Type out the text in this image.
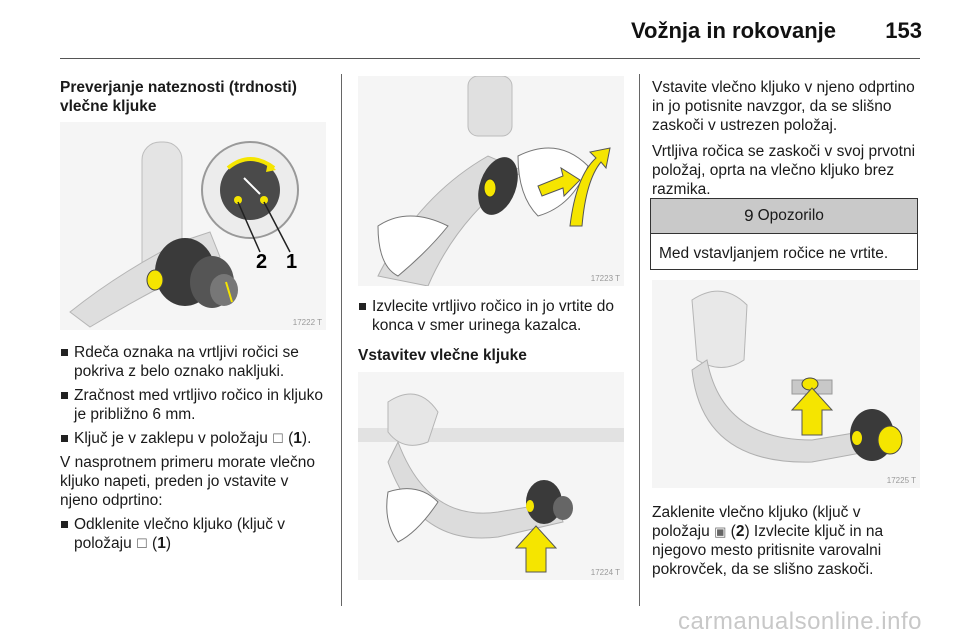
Vožnja in rokovanje 153

Preverjanje nateznosti (trdnosti) vlečne kljuke

2 1
17222 T

Rdeča oznaka na vrtljivi ročici se pokriva z belo oznako nakljuki.

Zračnost med vrtljivo ročico in kljuko je približno 6 mm.

Ključ je v zaklepu v položaju ☐ (1).

V nasprotnem primeru morate vlečno kljuko napeti, preden jo vstavite v njeno odprtino:

Odklenite vlečno kljuko (ključ v položaju ☐ (1)

17223 T

Izvlecite vrtljivo ročico in jo vrtite do konca v smer urinega kazalca.

Vstavitev vlečne kljuke

17224 T

Vstavite vlečno kljuko v njeno odprtino in jo potisnite navzgor, da se slišno zaskoči v ustrezen položaj.

Vrtljiva ročica se zaskoči v svoj prvotni položaj, oprta na vlečno kljuko brez razmika.

9 Opozorilo
Med vstavljanjem ročice ne vrtite.
17225 T

Zaklenite vlečno kljuko (ključ v položaju ▣ (2) Izvlecite ključ in na njegovo mesto pritisnite varovalni pokrovček, da se slišno zaskoči.

carmanualsonline.info
